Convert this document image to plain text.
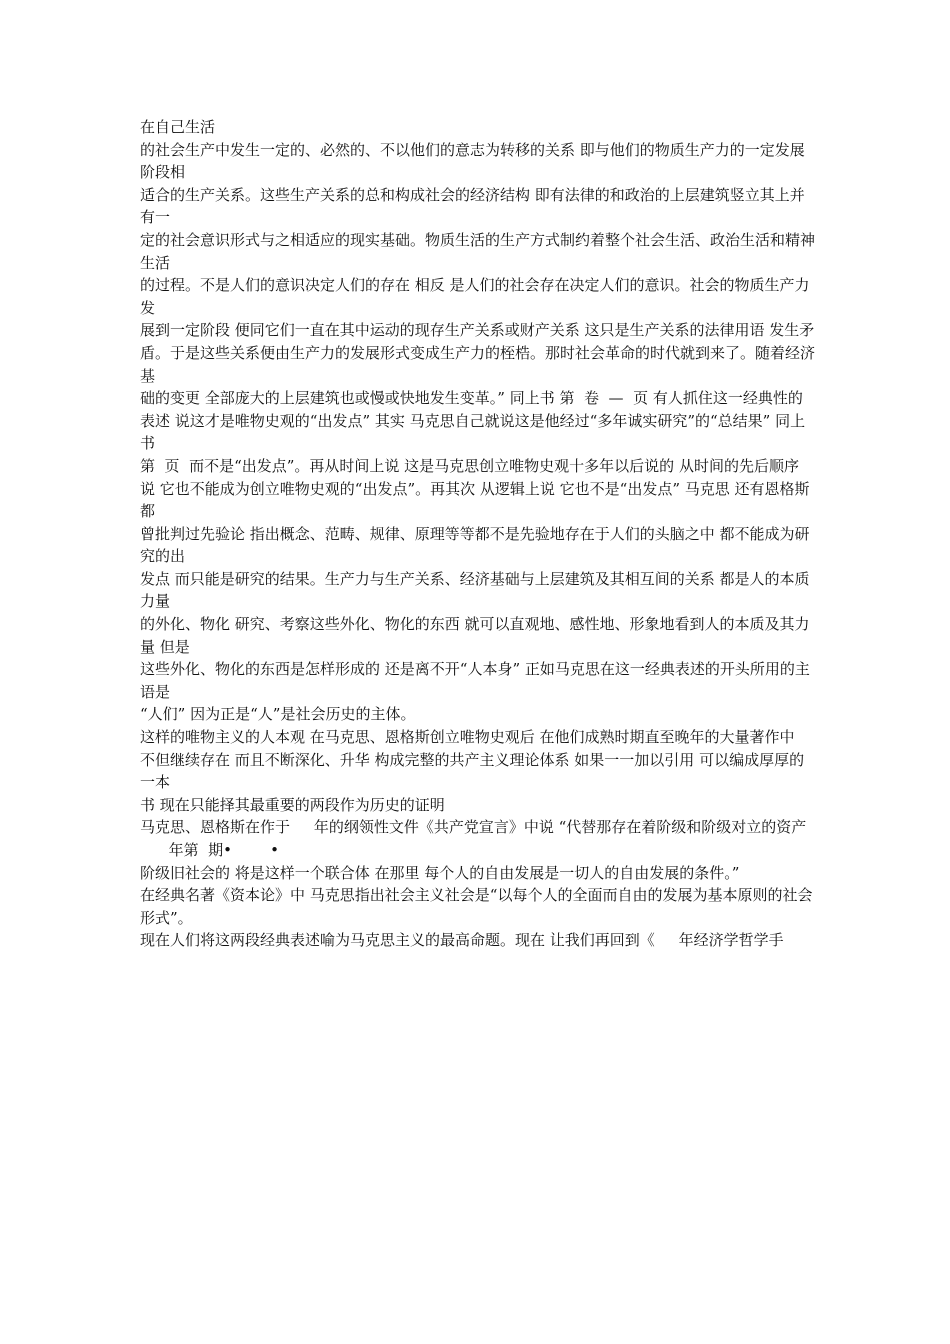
在自己生活
的社会生产中发生一定的、必然的、不以他们的意志为转移的关系 即与他们的物质生产力的一定发展阶段相
适合的生产关系。这些生产关系的总和构成社会的经济结构 即有法律的和政治的上层建筑竖立其上并有一
定的社会意识形式与之相适应的现实基础。物质生活的生产方式制约着整个社会生活、政治生活和精神生活
的过程。不是人们的意识决定人们的存在 相反 是人们的社会存在决定人们的意识。社会的物质生产力发
展到一定阶段 便同它们一直在其中运动的现存生产关系或财产关系 这只是生产关系的法律用语 发生矛
盾。于是这些关系便由生产力的发展形式变成生产力的桎梏。那时社会革命的时代就到来了。随着经济基
础的变更 全部庞大的上层建筑也或慢或快地发生变革。” 同上书 第  卷  —  页 有人抓住这一经典性的
表述 说这才是唯物史观的“出发点” 其实 马克思自己就说这是他经过“多年诚实研究”的“总结果” 同上书
第  页  而不是“出发点”。再从时间上说 这是马克思创立唯物史观十多年以后说的 从时间的先后顺序
说 它也不能成为创立唯物史观的“出发点”。再其次 从逻辑上说 它也不是“出发点” 马克思 还有恩格斯都
曾批判过先验论 指出概念、范畴、规律、原理等等都不是先验地存在于人们的头脑之中 都不能成为研究的出
发点 而只能是研究的结果。生产力与生产关系、经济基础与上层建筑及其相互间的关系 都是人的本质力量
的外化、物化 研究、考察这些外化、物化的东西 就可以直观地、感性地、形象地看到人的本质及其力量 但是
这些外化、物化的东西是怎样形成的 还是离不开“人本身” 正如马克思在这一经典表述的开头所用的主语是
“人们” 因为正是“人”是社会历史的主体。
这样的唯物主义的人本观 在马克思、恩格斯创立唯物史观后 在他们成熟时期直至晚年的大量著作中
不但继续存在 而且不断深化、升华 构成完整的共产主义理论体系 如果一一加以引用 可以编成厚厚的一本
书 现在只能择其最重要的两段作为历史的证明
马克思、恩格斯在作于     年的纲领性文件《共产党宣言》中说 “代替那存在着阶级和阶级对立的资产
年第  期•        •
阶级旧社会的 将是这样一个联合体 在那里 每个人的自由发展是一切人的自由发展的条件。”
在经典名著《资本论》中 马克思指出社会主义社会是“以每个人的全面而自由的发展为基本原则的社会
形式”。
现在人们将这两段经典表述喻为马克思主义的最高命题。现在 让我们再回到《     年经济学哲学手
